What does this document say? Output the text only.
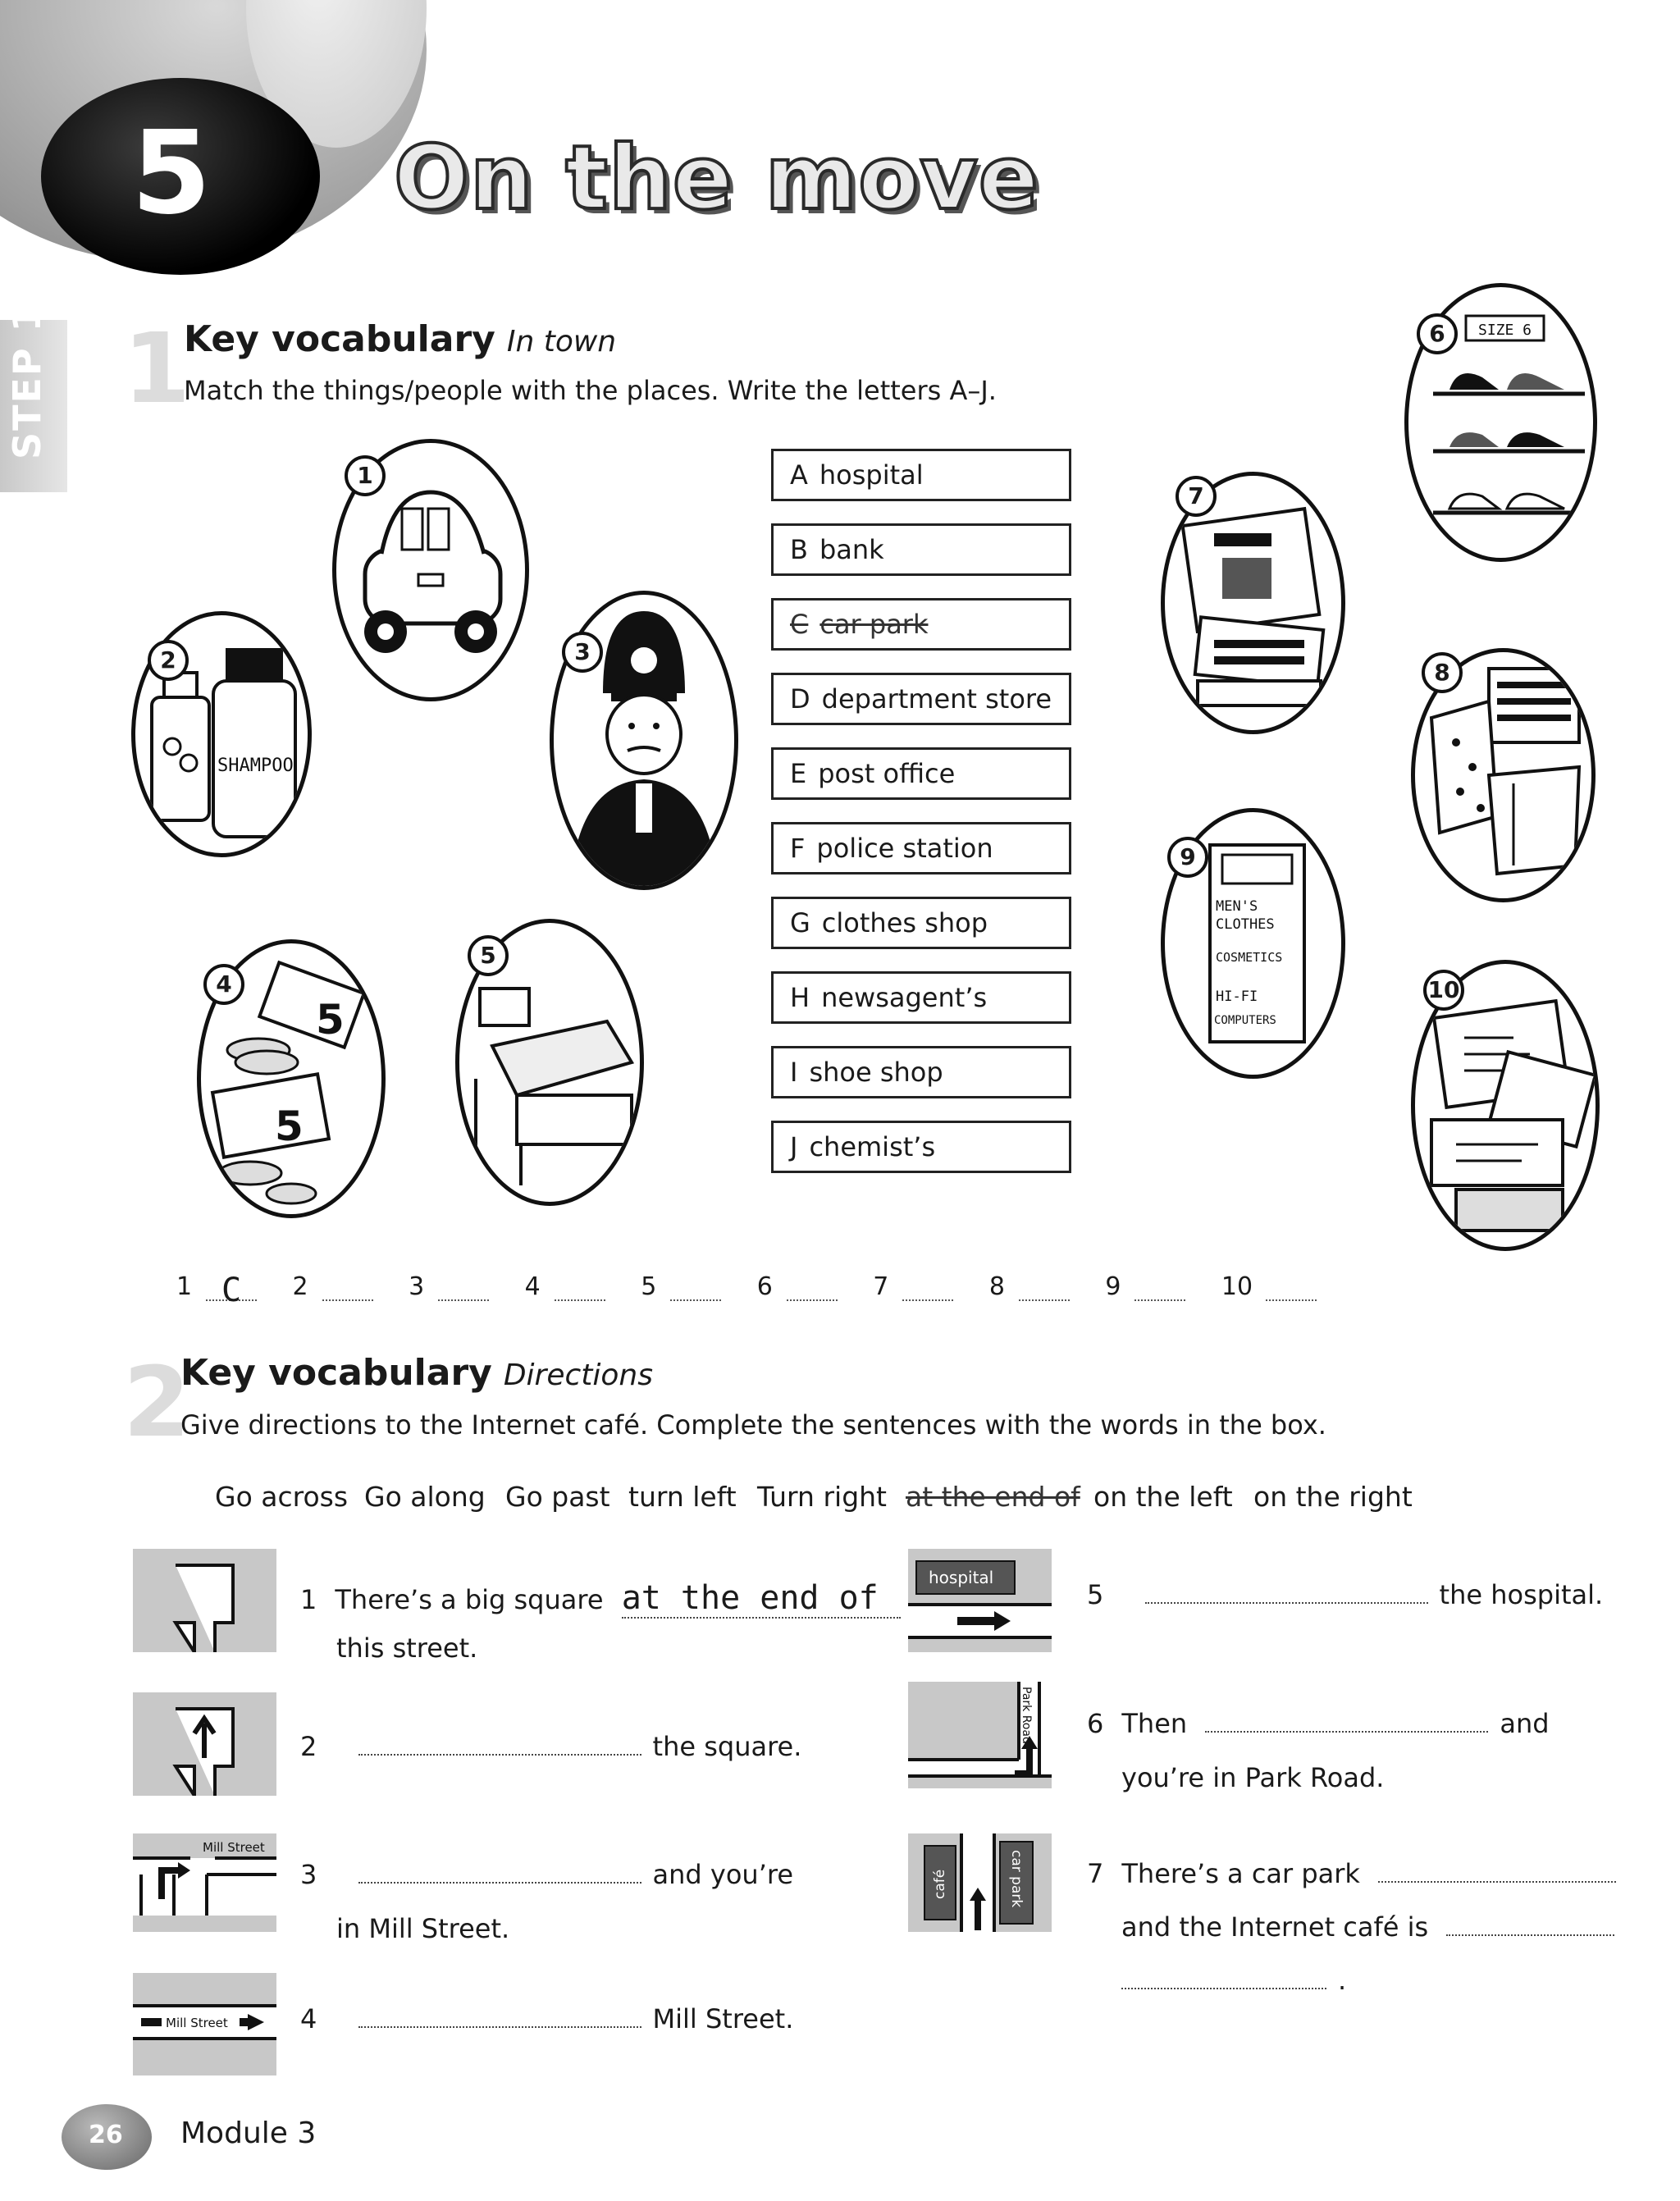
5 On the move
STEP 1 1
Key vocabulary In town
Match the things/people with the places. Write the letters A–J.
1
SHAMPOO
2	3
5
5
4
5
A hospital
B bank
C car park
D department store
E post office
F police station
G clothes shop
H newsagent’s
I shoe shop
J chemist’s
SIZE 6
6
7
8
MEN'S
CLOTHES
COSMETICS
HI-FI
COMPUTERS
9
10
1 C 2	3	4	5	6	7	8	9	10
2
Key vocabulary Directions
Give directions to the Internet café. Complete the sentences with the words in the box.
Go across Go along Go past turn left Turn right at the end of on the left on the right
Mill Street
Mill Street
1 There’s a big square at the end of
this street.
2	the square.
3	and you’re
in Mill Street.
4	Mill Street.
hospital
Park Road
café	car park
5	the hospital.
6 Then	and
you’re in Park Road.
7 There’s a car park
and the Internet café is
.
26 Module 3
